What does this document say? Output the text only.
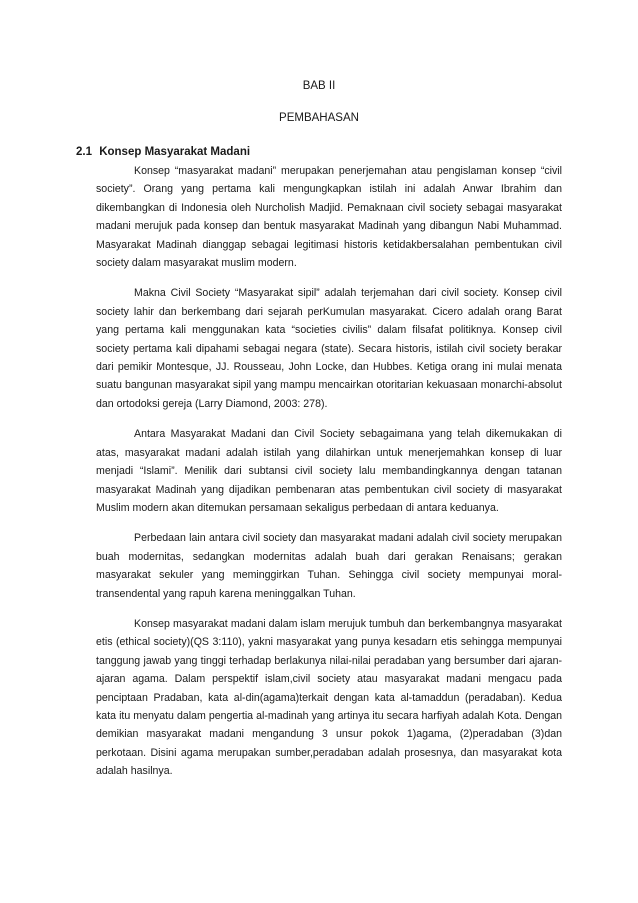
BAB II
PEMBAHASAN
2.1 Konsep Masyarakat Madani

Konsep “masyarakat madani” merupakan penerjemahan atau pengislaman konsep “civil society”. Orang yang pertama kali mengungkapkan istilah ini adalah Anwar Ibrahim dan dikembangkan di Indonesia oleh Nurcholish Madjid. Pemaknaan civil society sebagai masyarakat madani merujuk pada konsep dan bentuk masyarakat Madinah yang dibangun Nabi Muhammad. Masyarakat Madinah dianggap sebagai legitimasi historis ketidakbersalahan pembentukan civil society dalam masyarakat muslim modern.

Makna Civil Society “Masyarakat sipil” adalah terjemahan dari civil society. Konsep civil society lahir dan berkembang dari sejarah perKumulan masyarakat. Cicero adalah orang Barat yang pertama kali menggunakan kata “societies civilis” dalam filsafat politiknya. Konsep civil society pertama kali dipahami sebagai negara (state). Secara historis, istilah civil society berakar dari pemikir Montesque, JJ. Rousseau, John Locke, dan Hubbes. Ketiga orang ini mulai menata suatu bangunan masyarakat sipil yang mampu mencairkan otoritarian kekuasaan monarchi-absolut dan ortodoksi gereja (Larry Diamond, 2003: 278).

Antara Masyarakat Madani dan Civil Society sebagaimana yang telah dikemukakan di atas, masyarakat madani adalah istilah yang dilahirkan untuk menerjemahkan konsep di luar menjadi “Islami”. Menilik dari subtansi civil society lalu membandingkannya dengan tatanan masyarakat Madinah yang dijadikan pembenaran atas pembentukan civil society di masyarakat Muslim modern akan ditemukan persamaan sekaligus perbedaan di antara keduanya.

Perbedaan lain antara civil society dan masyarakat madani adalah civil society merupakan buah modernitas, sedangkan modernitas adalah buah dari gerakan Renaisans; gerakan masyarakat sekuler yang meminggirkan Tuhan. Sehingga civil society mempunyai moral-transendental yang rapuh karena meninggalkan Tuhan.

Konsep masyarakat madani dalam islam merujuk tumbuh dan berkembangnya masyarakat etis (ethical society)(QS 3:110), yakni masyarakat yang punya kesadarn etis sehingga mempunyai tanggung jawab yang tinggi terhadap berlakunya nilai-nilai peradaban yang bersumber dari ajaran-ajaran agama. Dalam perspektif islam,civil society atau masyarakat madani mengacu pada penciptaan Pradaban, kata al-din(agama)terkait dengan kata al-tamaddun (peradaban). Kedua kata itu menyatu dalam pengertia al-madinah yang artinya itu secara harfiyah adalah Kota. Dengan demikian masyarakat madani mengandung 3 unsur pokok 1)agama, (2)peradaban (3)dan perkotaan. Disini agama merupakan sumber,peradaban adalah prosesnya, dan masyarakat kota adalah hasilnya.
